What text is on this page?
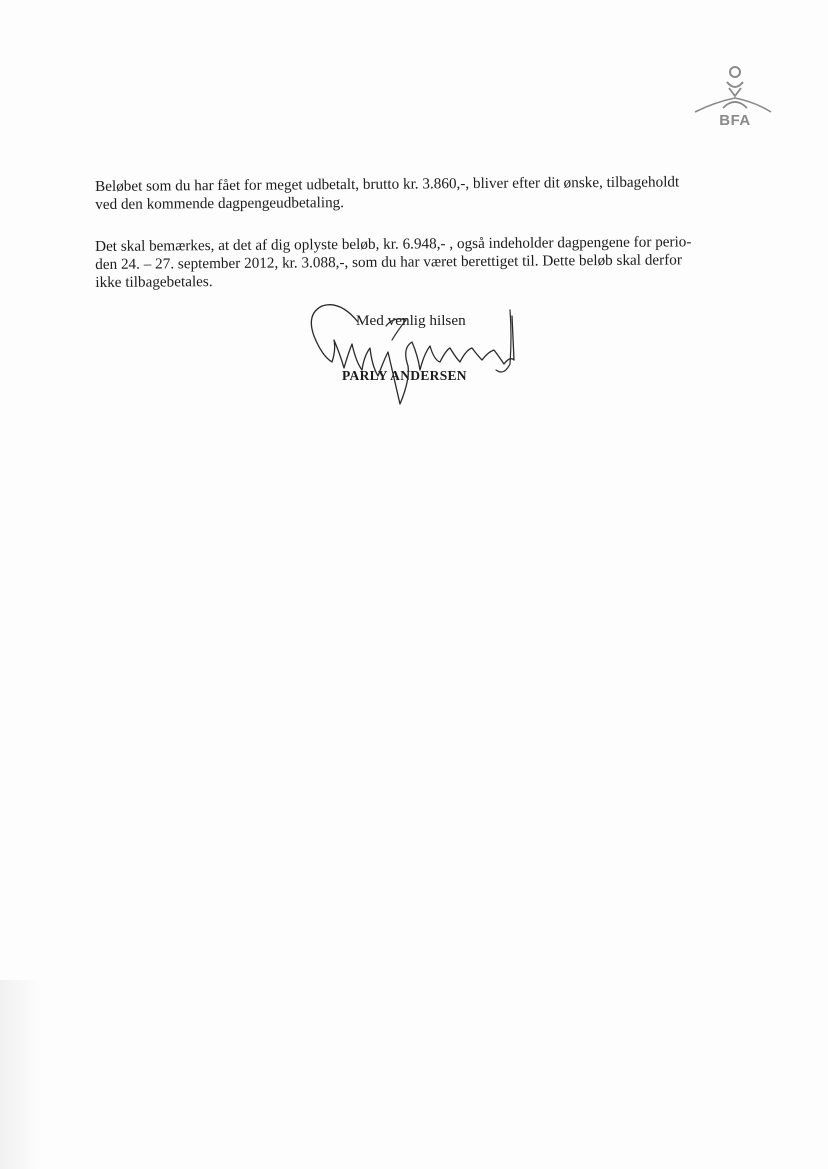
BFA

Beløbet som du har fået for meget udbetalt, brutto kr. 3.860,-, bliver efter dit ønske, tilbageholdt
ved den kommende dagpengeudbetaling.

Det skal bemærkes, at det af dig oplyste beløb, kr. 6.948,- , også indeholder dagpengene for perio-
den 24. – 27. september 2012, kr. 3.088,-, som du har været berettiget til. Dette beløb skal derfor
ikke tilbagebetales.

Med venlig hilsen
PARLY ANDERSEN
